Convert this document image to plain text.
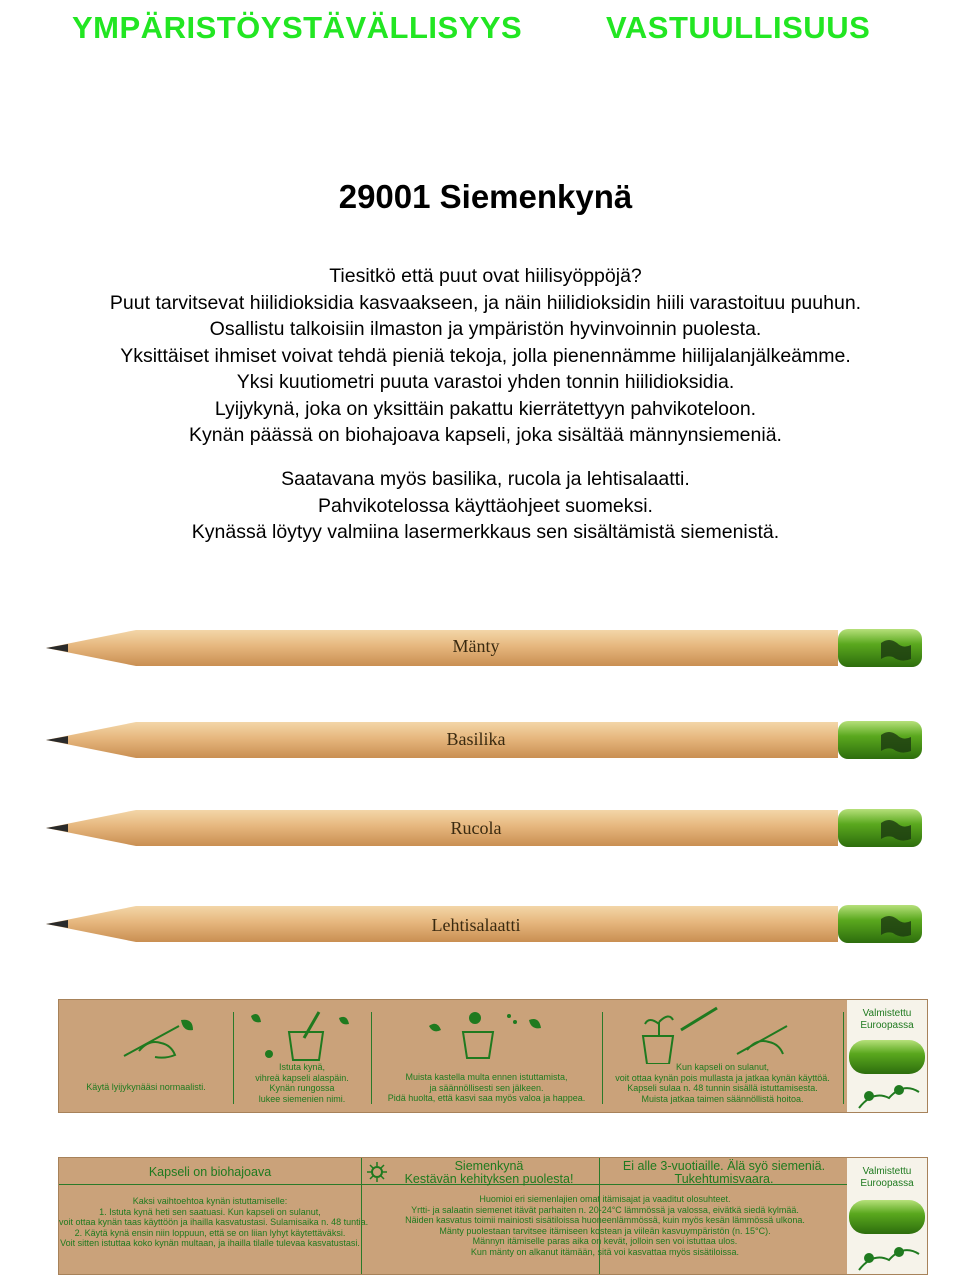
YMPÄRISTÖYSTÄVÄLLISYYS	VASTUULLISUUS
29001 Siemenkynä
Tiesitkö että puut ovat hiilisyöppöjä?
Puut tarvitsevat hiilidioksidia kasvaakseen, ja näin hiilidioksidin hiili varastoituu puuhun.
Osallistu talkoisiin ilmaston ja ympäristön hyvinvoinnin puolesta.
Yksittäiset ihmiset voivat tehdä pieniä tekoja, jolla pienennämme hiilijalanjälkeämme.
Yksi kuutiometri puuta varastoi yhden tonnin hiilidioksidia.
Lyijykynä, joka on yksittäin pakattu kierrätettyyn pahvikoteloon.
Kynän päässä on biohajoava kapseli, joka sisältää männynsiemeniä.
Saatavana myös basilika, rucola ja lehtisalaatti.
Pahvikotelossa käyttäohjeet suomeksi.
Kynässä löytyy valmiina lasermerkkaus sen sisältämistä siemenistä.
Mänty
Basilika
Rucola
Lehtisalaatti
Käytä lyijykynääsi normaalisti.
Istuta kynä,
vihreä kapseli alaspäin.
Kynän rungossa
lukee siemenien nimi.
Muista kastella multa ennen istuttamista,
ja säännöllisesti sen jälkeen.
Pidä huolta, että kasvi saa myös valoa ja happea.
Kun kapseli on sulanut,
voit ottaa kynän pois mullasta ja jatkaa kynän käyttöä.
Kapseli sulaa n. 48 tunnin sisällä istuttamisesta.
Muista jatkaa taimen säännöllistä hoitoa.
Valmistettu
Euroopassa
Kapseli on biohajoava	Siemenkynä
Kestävän kehityksen puolesta!
Ei alle 3-vuotiaille. Älä syö siemeniä.
Tukehtumisvaara.
Kaksi vaihtoehtoa kynän istuttamiselle:
1. Istuta kynä heti sen saatuasi. Kun kapseli on sulanut,
voit ottaa kynän taas käyttöön ja ihailla kasvatustasi. Sulamisaika n. 48 tuntia.
2. Käytä kynä ensin niin loppuun, että se on liian lyhyt käytettäväksi.
Voit sitten istuttaa koko kynän multaan, ja ihailla tilalle tulevaa kasvatustasi.
Huomioi eri siemenlajien omat itämisajat ja vaaditut olosuhteet.
Yrtti- ja salaatin siemenet itävät parhaiten n. 20-24°C lämmössä ja valossa, eivätkä siedä kylmää.
Näiden kasvatus toimii mainiosti sisätiloissa huoneenlämmössä, kuin myös kesän lämmössä ulkona.
Mänty puolestaan tarvitsee itämiseen kostean ja viileän kasvuympäristön (n. 15°C).
Männyn itämiselle paras aika on kevät, jolloin sen voi istuttaa ulos.
Kun mänty on alkanut itämään, sitä voi kasvattaa myös sisätiloissa.
Valmistettu
Euroopassa
